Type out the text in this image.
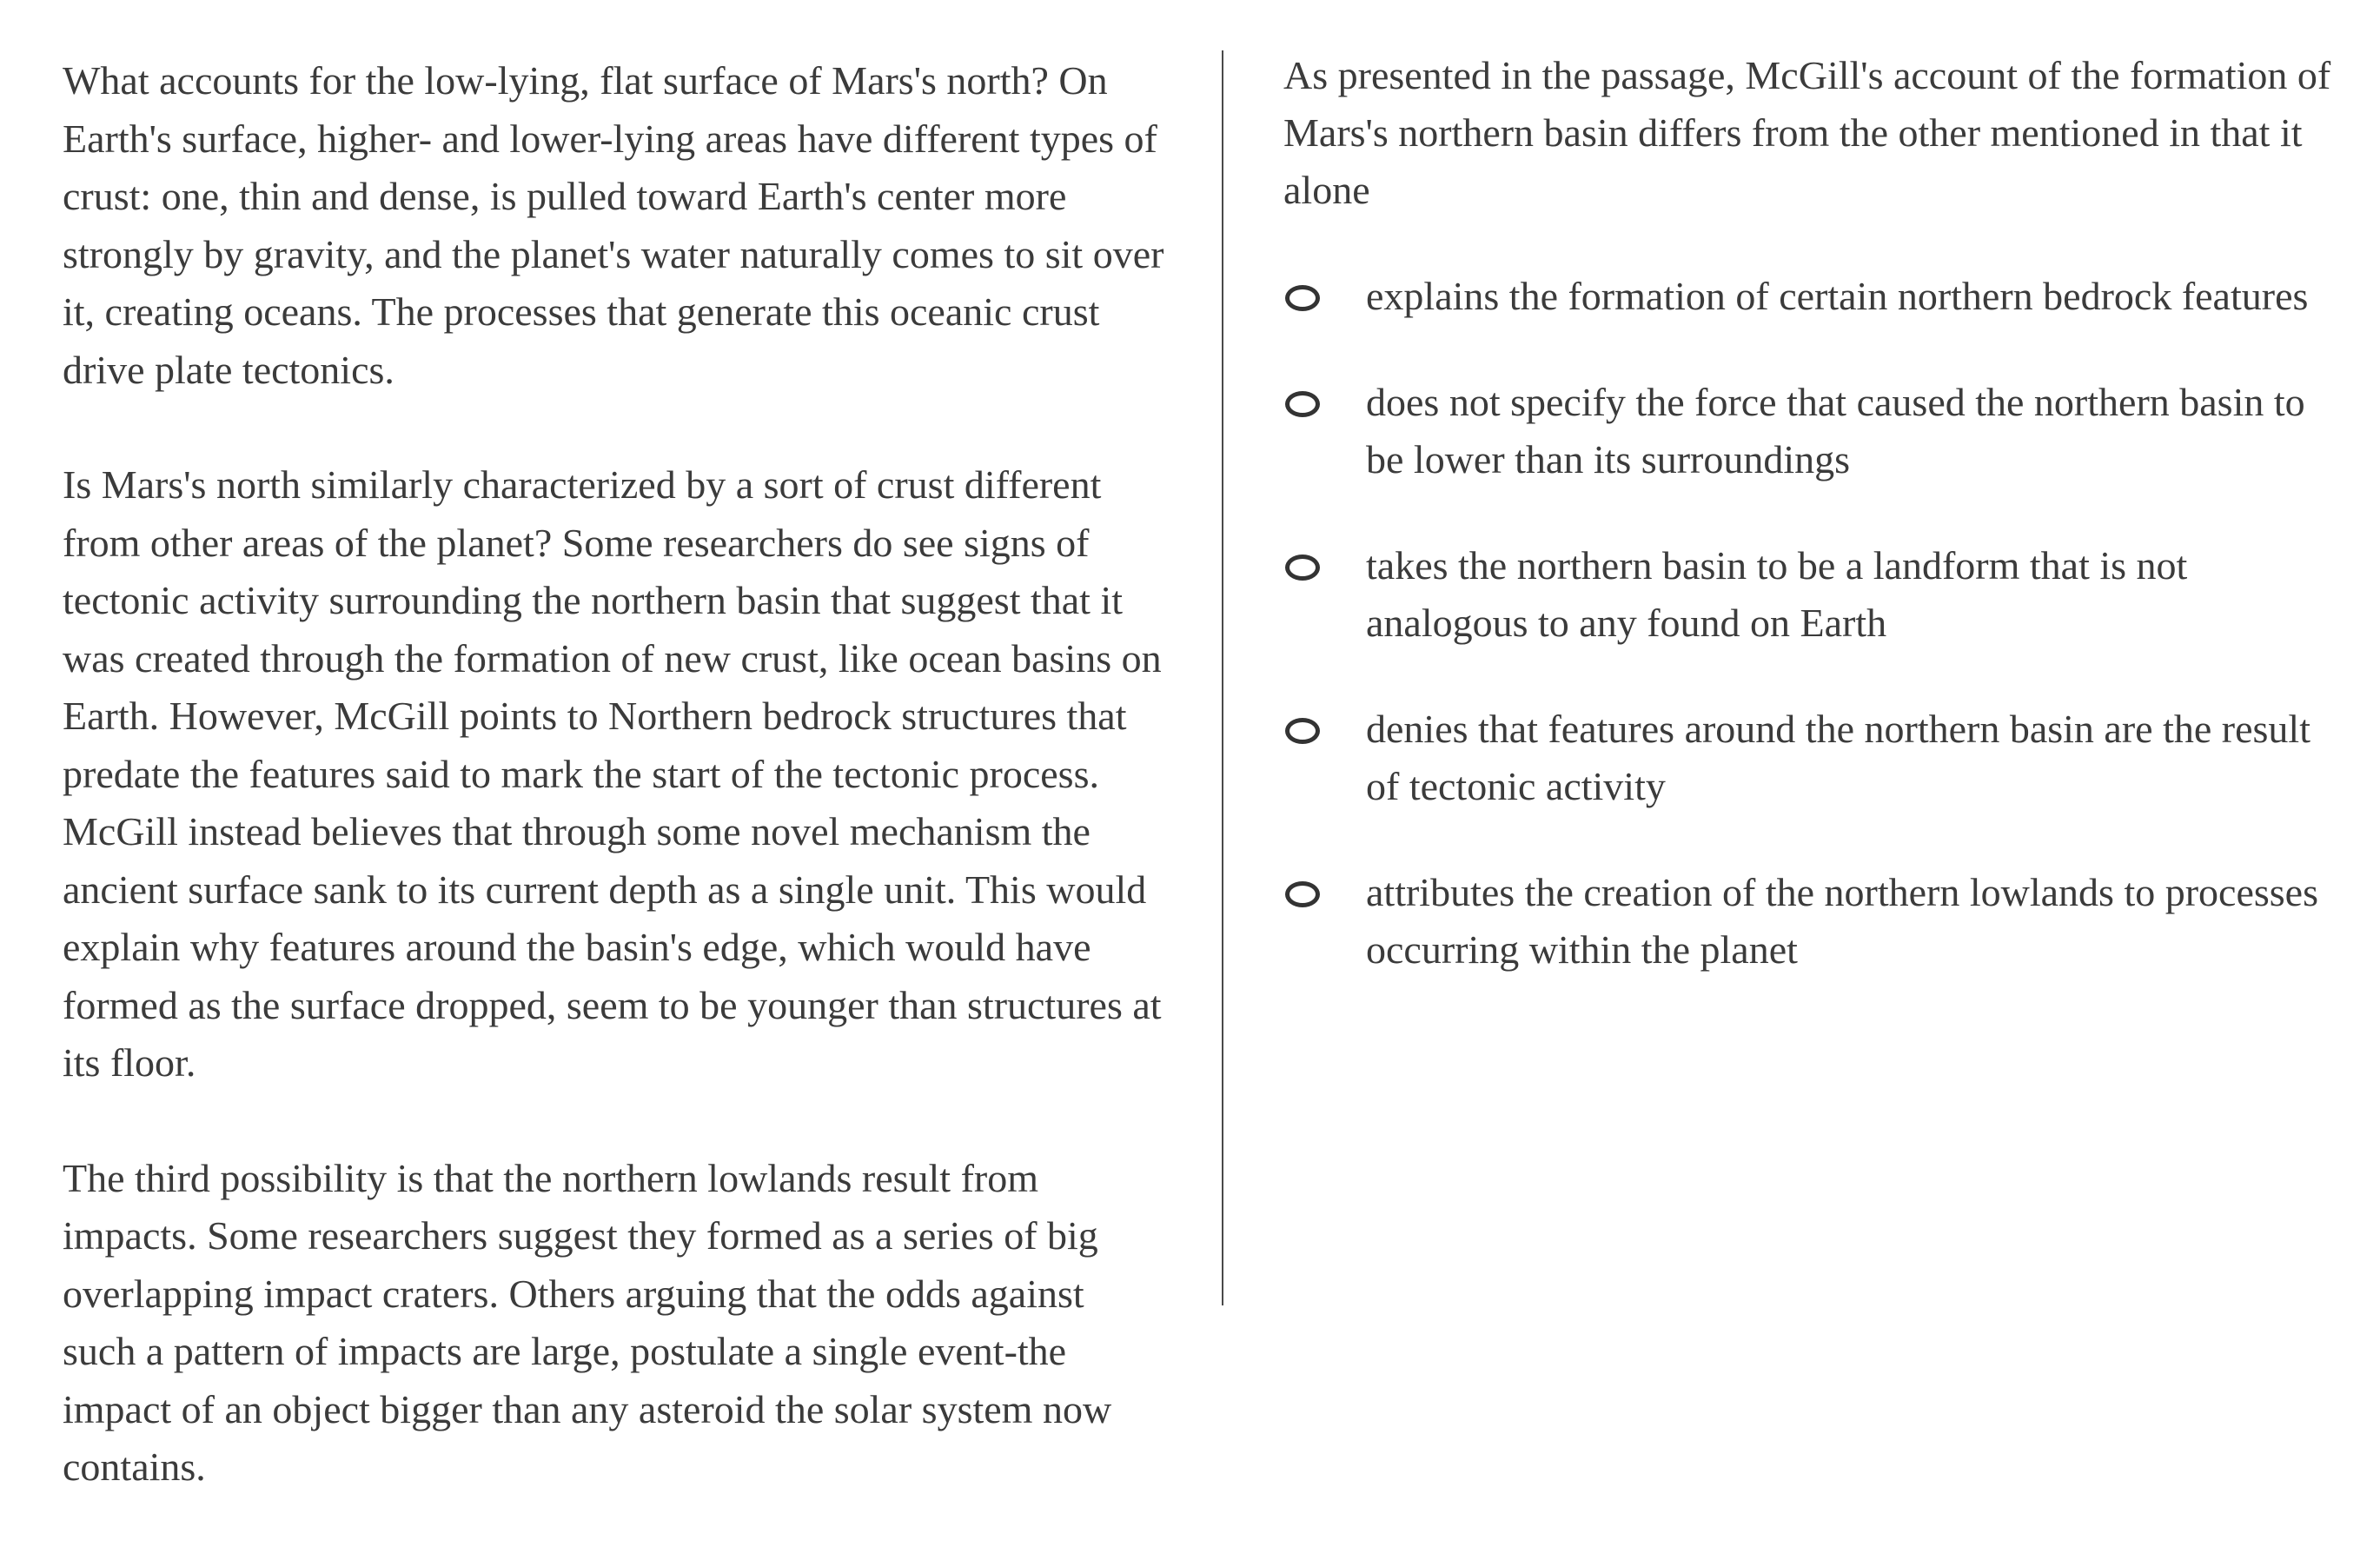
What accounts for the low-lying, flat surface of Mars's north? On Earth's surface, higher- and lower-lying areas have different types of crust: one, thin and dense, is pulled toward Earth's center more strongly by gravity, and the planet's water naturally comes to sit over it, creating oceans. The processes that generate this oceanic crust drive plate tectonics.

Is Mars's north similarly characterized by a sort of crust different from other areas of the planet? Some researchers do see signs of tectonic activity surrounding the northern basin that suggest that it was created through the formation of new crust, like ocean basins on Earth. However, McGill points to Northern bedrock structures that predate the features said to mark the start of the tectonic process. McGill instead believes that through some novel mechanism the ancient surface sank to its current depth as a single unit. This would explain why features around the basin's edge, which would have formed as the surface dropped, seem to be younger than structures at its floor.

The third possibility is that the northern lowlands result from impacts. Some researchers suggest they formed as a series of big overlapping impact craters. Others arguing that the odds against such a pattern of impacts are large, postulate a single event-the impact of an object bigger than any asteroid the solar system now contains.

As presented in the passage, McGill's account of the formation of Mars's northern basin differs from the other mentioned in that it alone
explains the formation of certain northern bedrock features
does not specify the force that caused the northern basin to be lower than its surroundings
takes the northern basin to be a landform that is not analogous to any found on Earth
denies that features around the northern basin are the result of tectonic activity
attributes the creation of the northern lowlands to processes occurring within the planet
